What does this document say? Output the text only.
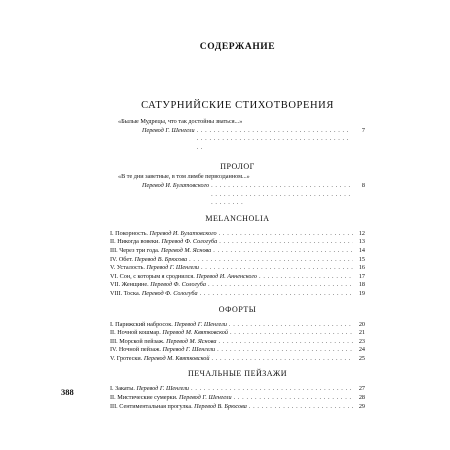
388
СОДЕРЖАНИЕ
САТУРНИЙСКИЕ СТИХОТВОРЕНИЯ
«Былые Мудрецы, что так достойны зваться...»
Перевод Г. Шенгели . . .	7
ПРОЛОГ
«В те дни заветные, в том лимбе первозданном...»
Перевод И. Булатовского . . .	8
MELANCHOLIA
I. Покорность. Перевод И. Булатовского . . .	12
II. Никогда вовеки. Перевод Ф. Сологуба . . .	13
III. Через три года. Перевод М. Яснова . . .	14
IV. Обет. Перевод В. Брюсова . . .	15
V. Усталость. Перевод Г. Шенгели . . .	16
VI. Сон, с которым я сроднился. Перевод И. Анненского . . .	17
VII. Женщине. Перевод Ф. Сологуба . . .	18
VIII. Тоска. Перевод Ф. Сологуба . . .	19
ОФОРТЫ
I. Парижский набросок. Перевод Г. Шенгели . . .	20
II. Ночной кошмар. Перевод М. Квятковской . . .	21
III. Морской пейзаж. Перевод М. Яснова . . .	23
IV. Ночной пейзаж. Перевод Г. Шенгели . . .	24
V. Гротески. Перевод М. Квятковской . . .	25
ПЕЧАЛЬНЫЕ ПЕЙЗАЖИ
I. Закаты. Перевод Г. Шенгели . . .	27
II. Мистические сумерки. Перевод Г. Шенгели . . .	28
III. Сентиментальная прогулка. Перевод В. Брюсова . . .	29
